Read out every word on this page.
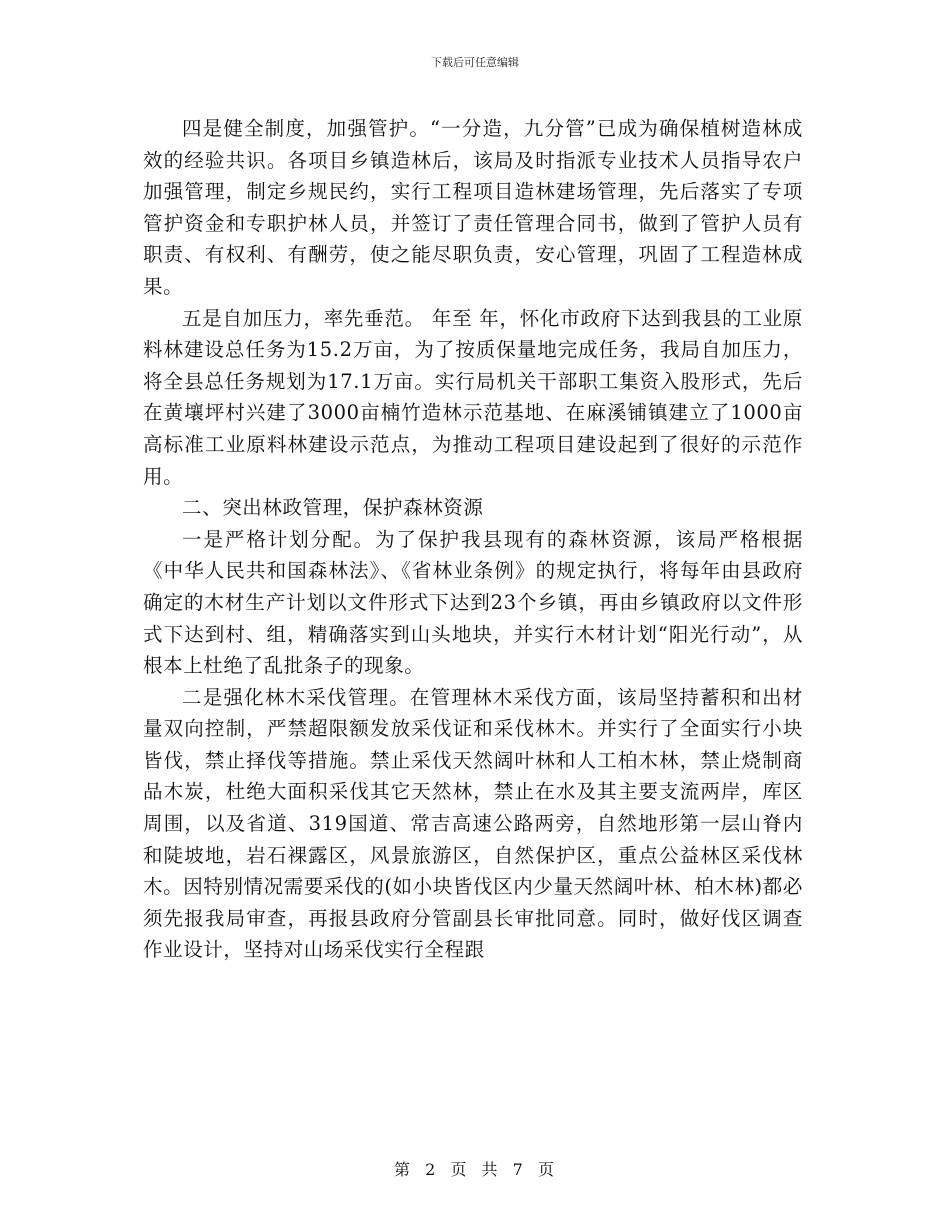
下载后可任意编辑

四是健全制度，加强管护。“一分造，九分管”已成为确保植树造林成效的经验共识。各项目乡镇造林后，该局及时指派专业技术人员指导农户加强管理，制定乡规民约，实行工程项目造林建场管理，先后落实了专项管护资金和专职护林人员，并签订了责任管理合同书，做到了管护人员有职责、有权利、有酬劳，使之能尽职负责，安心管理，巩固了工程造林成果。

五是自加压力，率先垂范。 年至 年，怀化市政府下达到我县的工业原料林建设总任务为15.2万亩，为了按质保量地完成任务，我局自加压力，将全县总任务规划为17.1万亩。实行局机关干部职工集资入股形式，先后在黄壤坪村兴建了3000亩楠竹造林示范基地、在麻溪铺镇建立了1000亩高标准工业原料林建设示范点，为推动工程项目建设起到了很好的示范作用。

二、突出林政管理，保护森林资源

一是严格计划分配。为了保护我县现有的森林资源，该局严格根据《中华人民共和国森林法》、《省林业条例》的规定执行，将每年由县政府确定的木材生产计划以文件形式下达到23个乡镇，再由乡镇政府以文件形式下达到村、组，精确落实到山头地块，并实行木材计划“阳光行动”，从根本上杜绝了乱批条子的现象。

二是强化林木采伐管理。在管理林木采伐方面，该局坚持蓄积和出材量双向控制，严禁超限额发放采伐证和采伐林木。并实行了全面实行小块皆伐，禁止择伐等措施。禁止采伐天然阔叶林和人工柏木林，禁止烧制商品木炭，杜绝大面积采伐其它天然林，禁止在水及其主要支流两岸，库区周围，以及省道、319国道、常吉高速公路两旁，自然地形第一层山脊内和陡坡地，岩石裸露区，风景旅游区，自然保护区，重点公益林区采伐林木。因特别情况需要采伐的(如小块皆伐区内少量天然阔叶林、柏木林)都必须先报我局审查，再报县政府分管副县长审批同意。同时，做好伐区调查作业设计，坚持对山场采伐实行全程跟

第 2 页 共 7 页
